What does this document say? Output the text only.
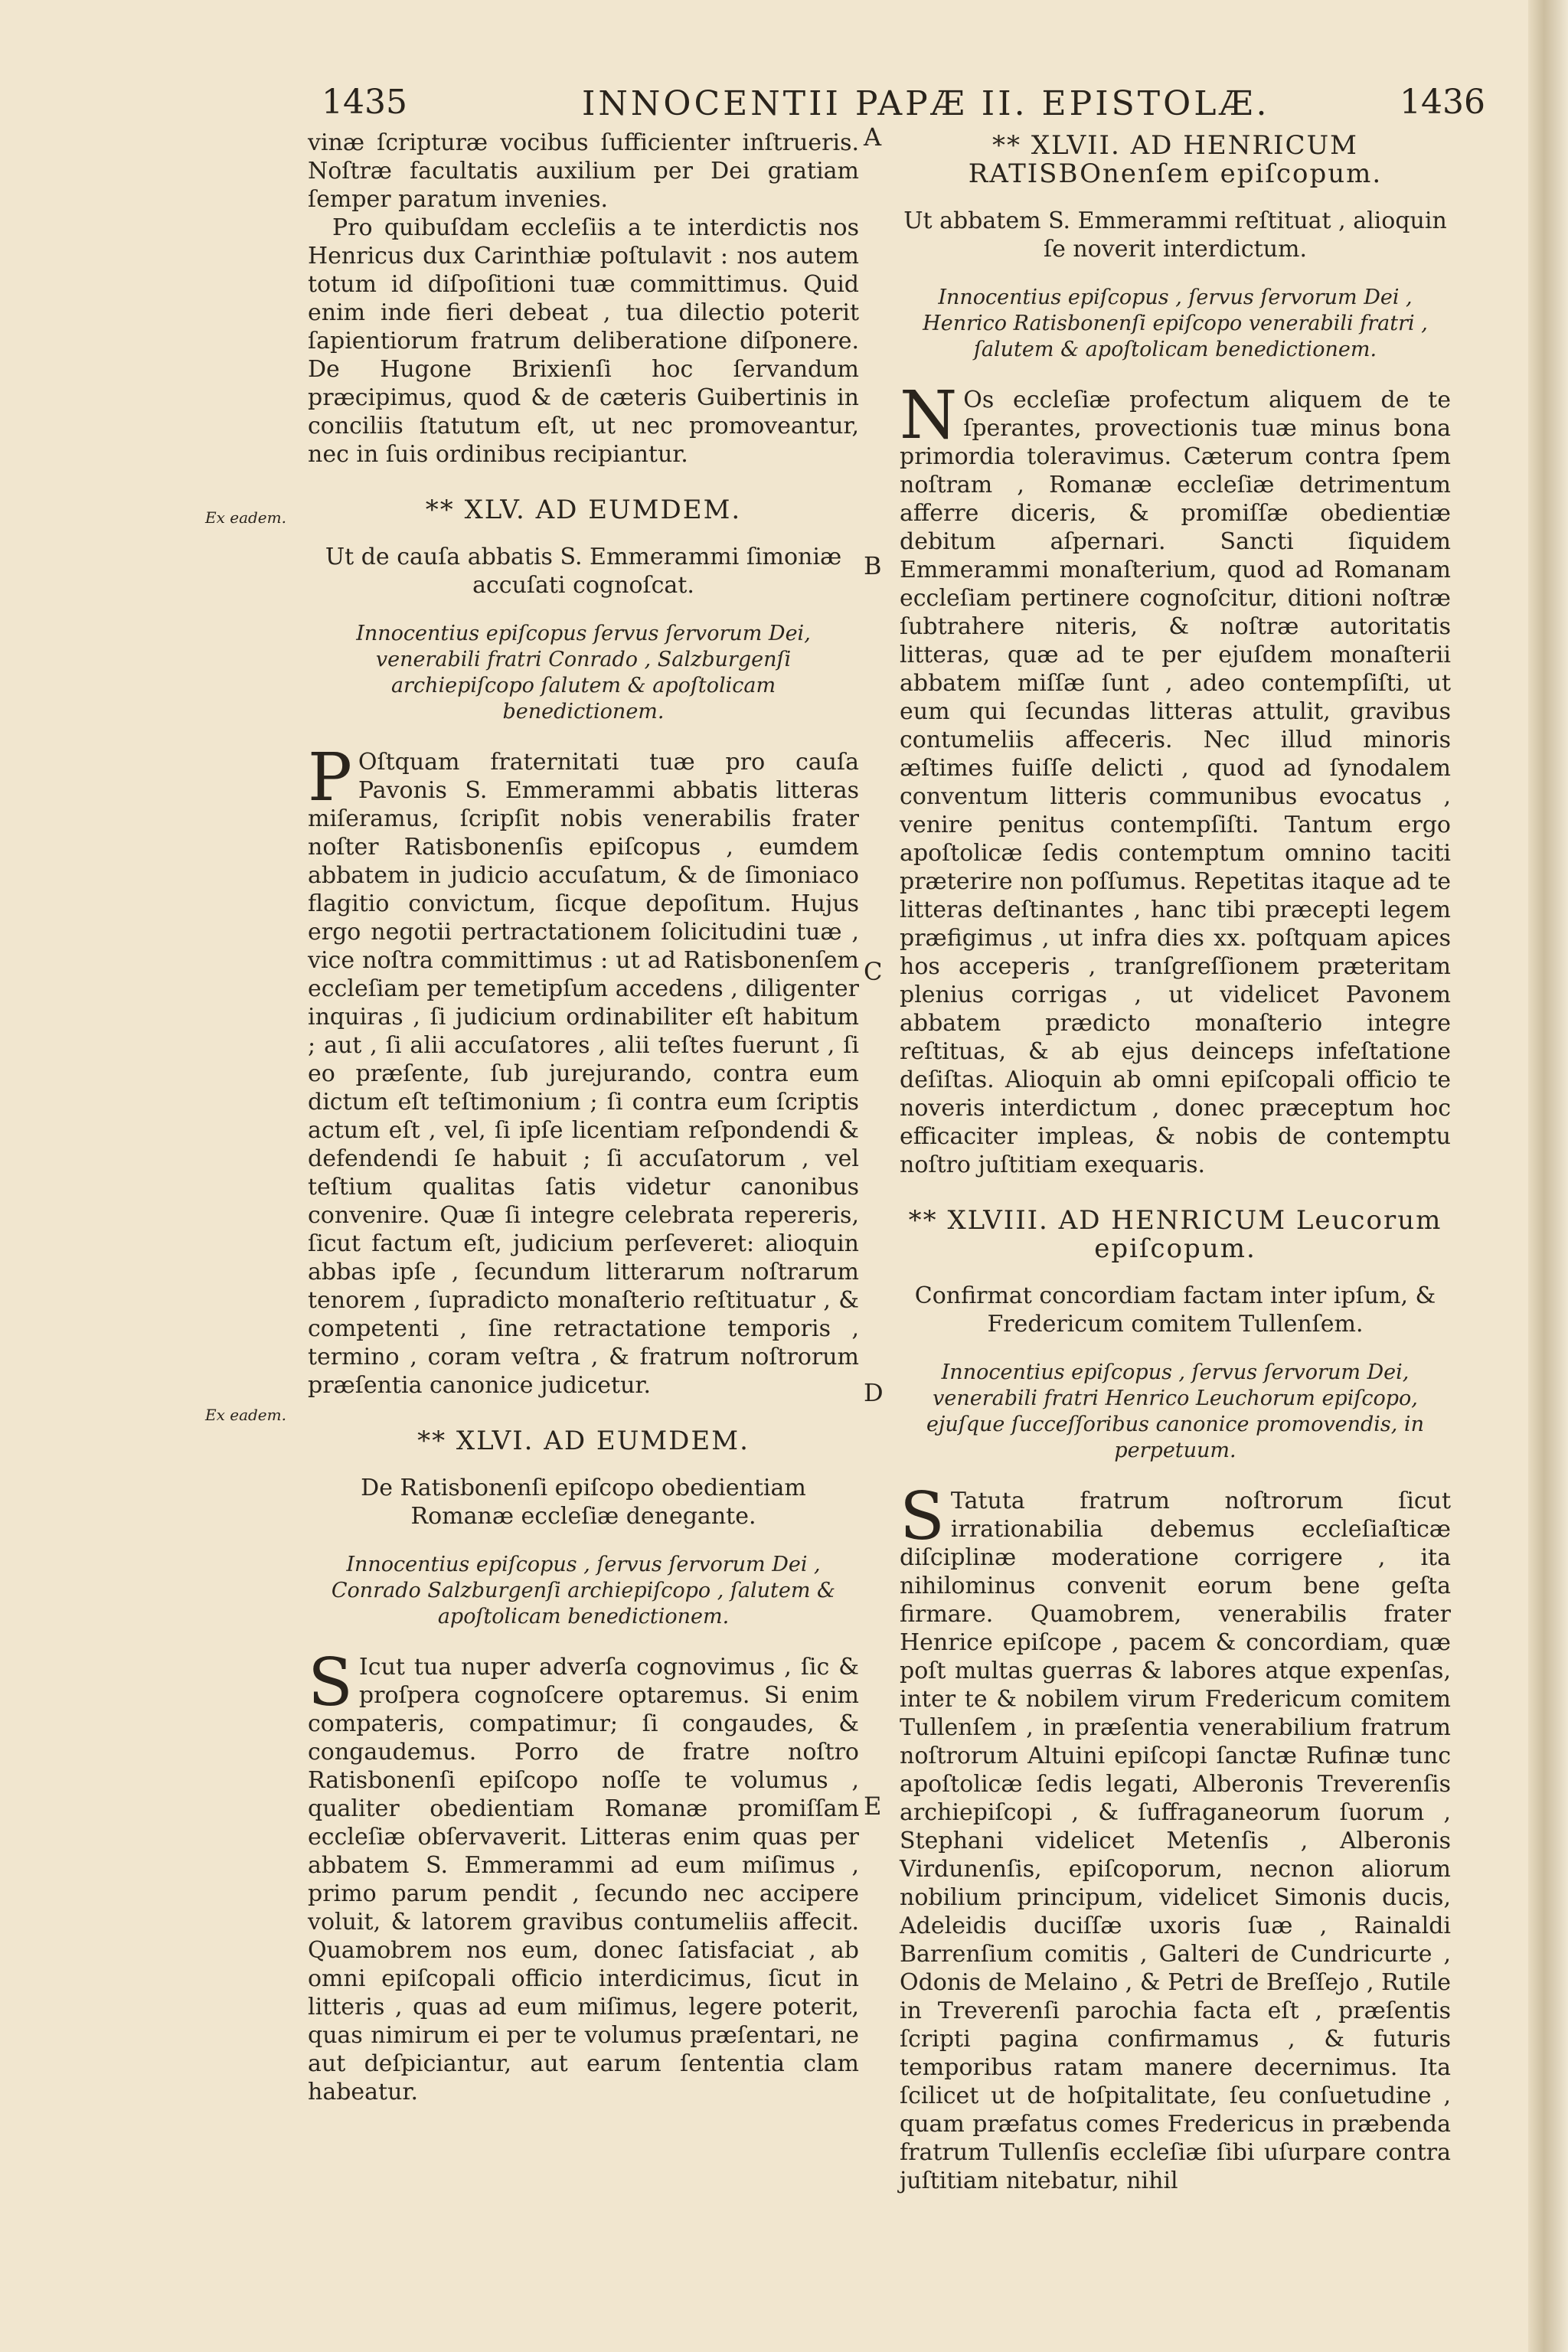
1435	INNOCENTII PAPÆ II. EPISTOLÆ.	1436
Ex eadem.
Ex eadem.
A
B
C
D
E

vinæ ſcripturæ vocibus ſufficienter inſtrueris. Noſtræ facultatis auxilium per Dei gratiam ſemper paratum invenies.

Pro quibuſdam eccleſiis a te interdictis nos Henricus dux Carinthiæ poſtulavit : nos autem totum id diſpoſitioni tuæ committimus. Quid enim inde fieri debeat , tua dilectio poterit ſapientiorum fratrum deliberatione diſponere. De Hugone Brixienſi hoc ſervandum præcipimus, quod & de cæteris Guibertinis in conciliis ſtatutum eſt, ut nec promoveantur, nec in ſuis ordinibus recipiantur.

** XLV. AD EUMDEM.
Ut de cauſa abbatis S. Emmerammi ſimoniæ accuſati cognoſcat.
Innocentius epiſcopus ſervus ſervorum Dei, venerabili fratri Conrado , Salzburgenſi archiepiſcopo ſalutem & apoſtolicam benedictionem.

P Oſtquam fraternitati tuæ pro cauſa Pavonis S. Emmerammi abbatis litteras miſeramus, ſcripſit nobis venerabilis frater noſter Ratisbonenſis epiſcopus , eumdem abbatem in judicio accuſatum, & de ſimoniaco flagitio convictum, ſicque depoſitum. Hujus ergo negotii pertractationem ſolicitudini tuæ , vice noſtra committimus : ut ad Ratisbonenſem eccleſiam per temetipſum accedens , diligenter inquiras , ſi judicium ordinabiliter eſt habitum ; aut , ſi alii accuſatores , alii teſtes fuerunt , ſi eo præſente, ſub jurejurando, contra eum dictum eſt teſtimonium ; ſi contra eum ſcriptis actum eſt , vel, ſi ipſe licentiam reſpondendi & defendendi ſe habuit ; ſi accuſatorum , vel teſtium qualitas ſatis videtur canonibus convenire. Quæ ſi integre celebrata repereris, ſicut factum eſt, judicium perſeveret: alioquin abbas ipſe , ſecundum litterarum noſtrarum tenorem , ſupradicto monaſterio reſtituatur , & competenti , ſine retractatione temporis , termino , coram veſtra , & fratrum noſtrorum præſentia canonice judicetur.

** XLVI. AD EUMDEM.
De Ratisbonenſi epiſcopo obedientiam Romanæ eccleſiæ denegante.
Innocentius epiſcopus , ſervus ſervorum Dei , Conrado Salzburgenſi archiepiſcopo , ſalutem & apoſtolicam benedictionem.

S Icut tua nuper adverſa cognovimus , ſic & proſpera cognoſcere optaremus. Si enim compateris, compatimur; ſi congaudes, & congaudemus. Porro de fratre noſtro Ratisbonenſi epiſcopo noſſe te volumus , qualiter obedientiam Romanæ promiſſam eccleſiæ obſervaverit. Litteras enim quas per abbatem S. Emmerammi ad eum miſimus , primo parum pendit , ſecundo nec accipere voluit, & latorem gravibus contumeliis affecit. Quamobrem nos eum, donec ſatisfaciat , ab omni epiſcopali officio interdicimus, ſicut in litteris , quas ad eum miſimus, legere poterit, quas nimirum ei per te volumus præſentari, ne aut deſpiciantur, aut earum ſententia clam habeatur.

** XLVII. AD HENRICUM RATISBOnenſem epiſcopum.
Ut abbatem S. Emmerammi reſtituat , alioquin ſe noverit interdictum.
Innocentius epiſcopus , ſervus ſervorum Dei , Henrico Ratisbonenſi epiſcopo venerabili fratri , ſalutem & apoſtolicam benedictionem.

N Os eccleſiæ profectum aliquem de te ſperantes, provectionis tuæ minus bona primordia toleravimus. Cæterum contra ſpem noſtram , Romanæ eccleſiæ detrimentum afferre diceris, & promiſſæ obedientiæ debitum aſpernari. Sancti ſiquidem Emmerammi monaſterium, quod ad Romanam eccleſiam pertinere cognoſcitur, ditioni noſtræ ſubtrahere niteris, & noſtræ autoritatis litteras, quæ ad te per ejuſdem monaſterii abbatem miſſæ ſunt , adeo contempſiſti, ut eum qui ſecundas litteras attulit, gravibus contumeliis affeceris. Nec illud minoris æſtimes fuiſſe delicti , quod ad ſynodalem conventum litteris communibus evocatus , venire penitus contempſiſti. Tantum ergo apoſtolicæ ſedis contemptum omnino taciti præterire non poſſumus. Repetitas itaque ad te litteras deſtinantes , hanc tibi præcepti legem præfigimus , ut infra dies xx. poſtquam apices hos acceperis , tranſgreſſionem præteritam plenius corrigas , ut videlicet Pavonem abbatem prædicto monaſterio integre reſtituas, & ab ejus deinceps infeſtatione deſiſtas. Alioquin ab omni epiſcopali officio te noveris interdictum , donec præceptum hoc efficaciter impleas, & nobis de contemptu noſtro juſtitiam exequaris.

** XLVIII. AD HENRICUM Leucorum epiſcopum.
Confirmat concordiam factam inter ipſum, & Fredericum comitem Tullenſem.
Innocentius epiſcopus , ſervus ſervorum Dei, venerabili fratri Henrico Leuchorum epiſcopo, ejuſque ſucceſſoribus canonice promovendis, in perpetuum.

S Tatuta fratrum noſtrorum ſicut irrationabilia debemus eccleſiaſticæ diſciplinæ moderatione corrigere , ita nihilominus convenit eorum bene geſta firmare. Quamobrem, venerabilis frater Henrice epiſcope , pacem & concordiam, quæ poſt multas guerras & labores atque expenſas, inter te & nobilem virum Fredericum comitem Tullenſem , in præſentia venerabilium fratrum noſtrorum Altuini epiſcopi ſanctæ Rufinæ tunc apoſtolicæ ſedis legati, Alberonis Treverenſis archiepiſcopi , & ſuffraganeorum ſuorum , Stephani videlicet Metenſis , Alberonis Virdunenſis, epiſcoporum, necnon aliorum nobilium principum, videlicet Simonis ducis, Adeleidis duciſſæ uxoris ſuæ , Rainaldi Barrenſium comitis , Galteri de Cundricurte , Odonis de Melaino , & Petri de Breſſejo , Rutile in Treverenſi parochia facta eſt , præſentis ſcripti pagina confirmamus , & futuris temporibus ratam manere decernimus. Ita ſcilicet ut de hoſpitalitate, ſeu conſuetudine , quam præfatus comes Fredericus in præbenda fratrum Tullenſis eccleſiæ ſibi uſurpare contra juſtitiam nitebatur, nihil
